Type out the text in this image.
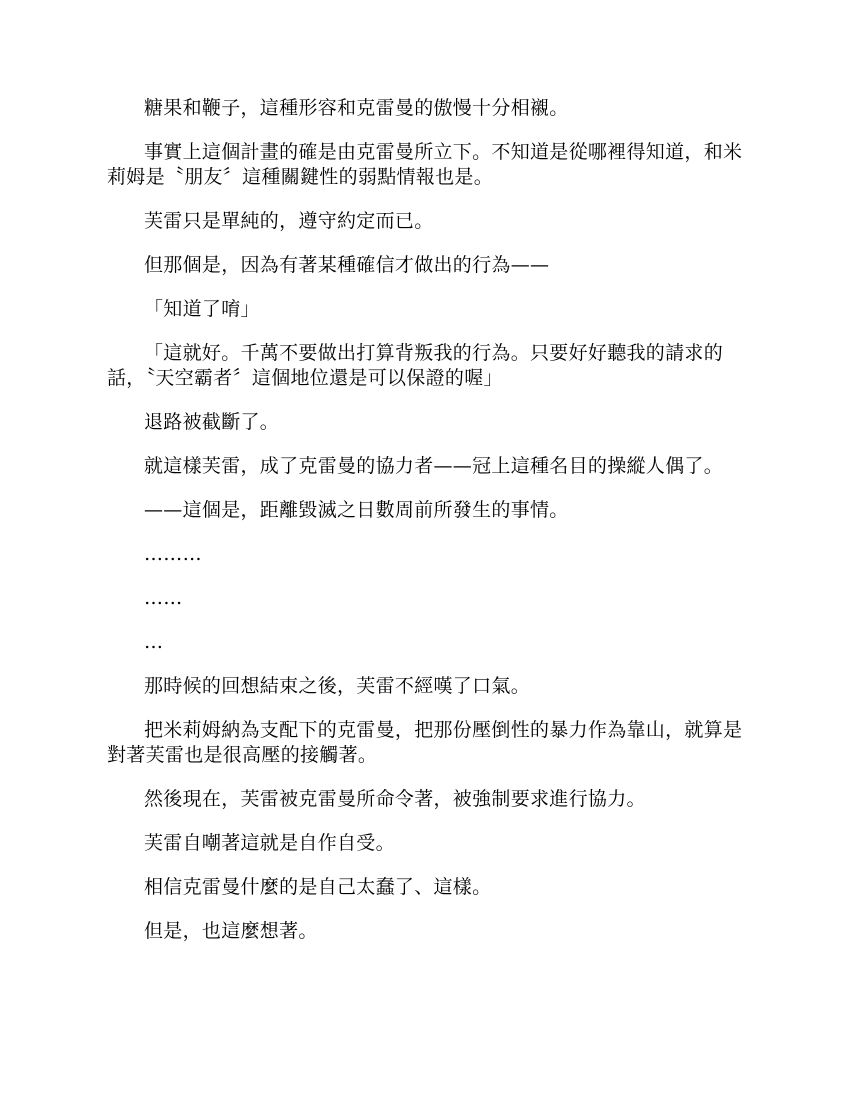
糖果和鞭子，這種形容和克雷曼的傲慢十分相襯。

事實上這個計畫的確是由克雷曼所立下。不知道是從哪裡得知道，和米莉姆是〝朋友〞這種關鍵性的弱點情報也是。

芙雷只是單純的，遵守約定而已。

但那個是，因為有著某種確信才做出的行為——

「知道了唷」

「這就好。千萬不要做出打算背叛我的行為。只要好好聽我的請求的話，〝天空霸者〞這個地位還是可以保證的喔」

退路被截斷了。

就這樣芙雷，成了克雷曼的協力者——冠上這種名目的操縱人偶了。

——這個是，距離毀滅之日數周前所發生的事情。

………

……

…

那時候的回想結束之後，芙雷不經嘆了口氣。

把米莉姆納為支配下的克雷曼，把那份壓倒性的暴力作為靠山，就算是對著芙雷也是很高壓的接觸著。

然後現在，芙雷被克雷曼所命令著，被強制要求進行協力。

芙雷自嘲著這就是自作自受。

相信克雷曼什麼的是自己太蠢了、這樣。

但是，也這麼想著。
